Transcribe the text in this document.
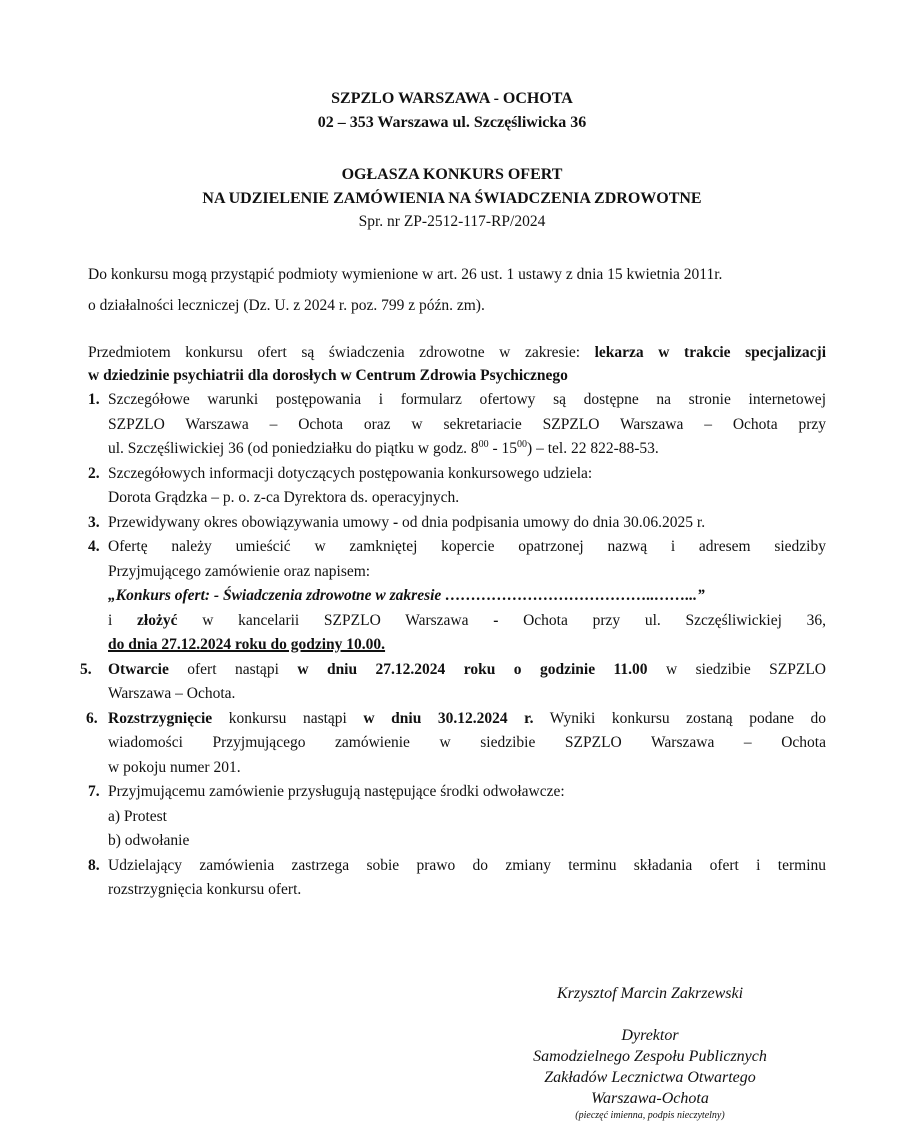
SZPZLO WARSZAWA - OCHOTA
02 – 353 Warszawa ul. Szczęśliwicka 36
OGŁASZA KONKURS OFERT
NA UDZIELENIE ZAMÓWIENIA NA ŚWIADCZENIA ZDROWOTNE
Spr. nr ZP-2512-117-RP/2024
Do konkursu mogą przystąpić podmioty wymienione w art. 26 ust. 1 ustawy z dnia 15 kwietnia 2011r.
o działalności leczniczej (Dz. U. z 2024 r. poz. 799 z późn. zm).
Przedmiotem konkursu ofert są świadczenia zdrowotne w zakresie: lekarza w trakcie specjalizacji
w dziedzinie psychiatrii dla dorosłych w Centrum Zdrowia Psychicznego
1. Szczegółowe warunki postępowania i formularz ofertowy są dostępne na stronie internetowej
SZPZLO Warszawa – Ochota oraz w sekretariacie SZPZLO Warszawa – Ochota przy
ul. Szczęśliwickiej 36 (od poniedziałku do piątku w godz. $8^{00} - 15^{00}$) – tel. 22 822-88-53.
2. Szczegółowych informacji dotyczących postępowania konkursowego udziela:
Dorota Grądzka – p. o. z-ca Dyrektora ds. operacyjnych.
3. Przewidywany okres obowiązywania umowy - od dnia podpisania umowy do dnia 30.06.2025 r.
4. Ofertę należy umieścić w zamkniętej kopercie opatrzonej nazwą i adresem siedziby
Przyjmującego zamówienie oraz napisem:
„Konkurs ofert: - Świadczenia zdrowotne w zakresie …………………………………..……...”
i złożyć w kancelarii SZPZLO Warszawa - Ochota przy ul. Szczęśliwickiej 36,
do dnia 27.12.2024 roku do godziny 10.00.
5. Otwarcie ofert nastąpi w dniu 27.12.2024 roku o godzinie 11.00 w siedzibie SZPZLO
Warszawa – Ochota.
6. Rozstrzygnięcie konkursu nastąpi w dniu 30.12.2024 r. Wyniki konkursu zostaną podane do
wiadomości Przyjmującego zamówienie w siedzibie SZPZLO Warszawa – Ochota
w pokoju numer 201.
7. Przyjmującemu zamówienie przysługują następujące środki odwoławcze:
a) Protest
b) odwołanie
8. Udzielający zamówienia zastrzega sobie prawo do zmiany terminu składania ofert i terminu
rozstrzygnięcia konkursu ofert.
Krzysztof Marcin Zakrzewski
Dyrektor
Samodzielnego Zespołu Publicznych
Zakładów Lecznictwa Otwartego
Warszawa-Ochota
(pieczęć imienna, podpis nieczytelny)
